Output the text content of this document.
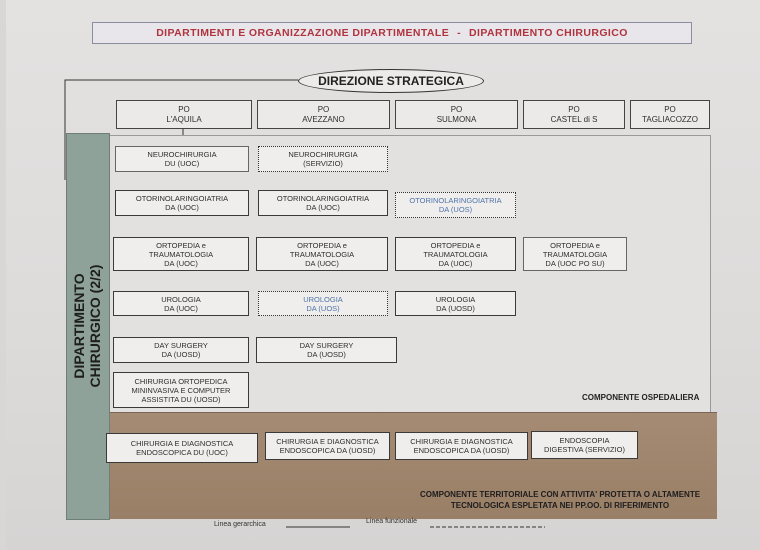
DIPARTIMENTI E ORGANIZZAZIONE DIPARTIMENTALE - DIPARTIMENTO CHIRURGICO
DIREZIONE STRATEGICA
PO
L'AQUILA
PO
AVEZZANO
PO
SULMONA
PO
CASTEL di S
PO
TAGLIACOZZO
DIPARTIMENTO CHIRURGICO (2/2)
NEUROCHIRURGIA
DU (UOC)
NEUROCHIRURGIA
(SERVIZIO)
OTORINOLARINGOIATRIA
DA (UOC)
OTORINOLARINGOIATRIA
DA (UOC)
OTORINOLARINGOIATRIA
DA (UOS)
ORTOPEDIA e
TRAUMATOLOGIA
DA (UOC)
ORTOPEDIA e
TRAUMATOLOGIA
DA (UOC)
ORTOPEDIA e
TRAUMATOLOGIA
DA (UOC)
ORTOPEDIA e
TRAUMATOLOGIA
DA (UOC PO SU)
UROLOGIA
DA (UOC)
UROLOGIA
DA (UOS)
UROLOGIA
DA (UOSD)
DAY SURGERY
DA (UOSD)
DAY SURGERY
DA (UOSD)
CHIRURGIA ORTOPEDICA
MININVASIVA E COMPUTER
ASSISTITA DU (UOSD)	COMPONENTE OSPEDALIERA
CHIRURGIA E DIAGNOSTICA
ENDOSCOPICA DU (UOC)
CHIRURGIA E DIAGNOSTICA
ENDOSCOPICA DA (UOSD)
CHIRURGIA E DIAGNOSTICA
ENDOSCOPICA DA (UOSD)
ENDOSCOPIA
DIGESTIVA (SERVIZIO)
COMPONENTE TERRITORIALE CON ATTIVITA' PROTETTA O ALTAMENTE
TECNOLOGICA ESPLETATA NEI PP.OO. DI RIFERIMENTO
Linea gerarchica	Linea funzionale
